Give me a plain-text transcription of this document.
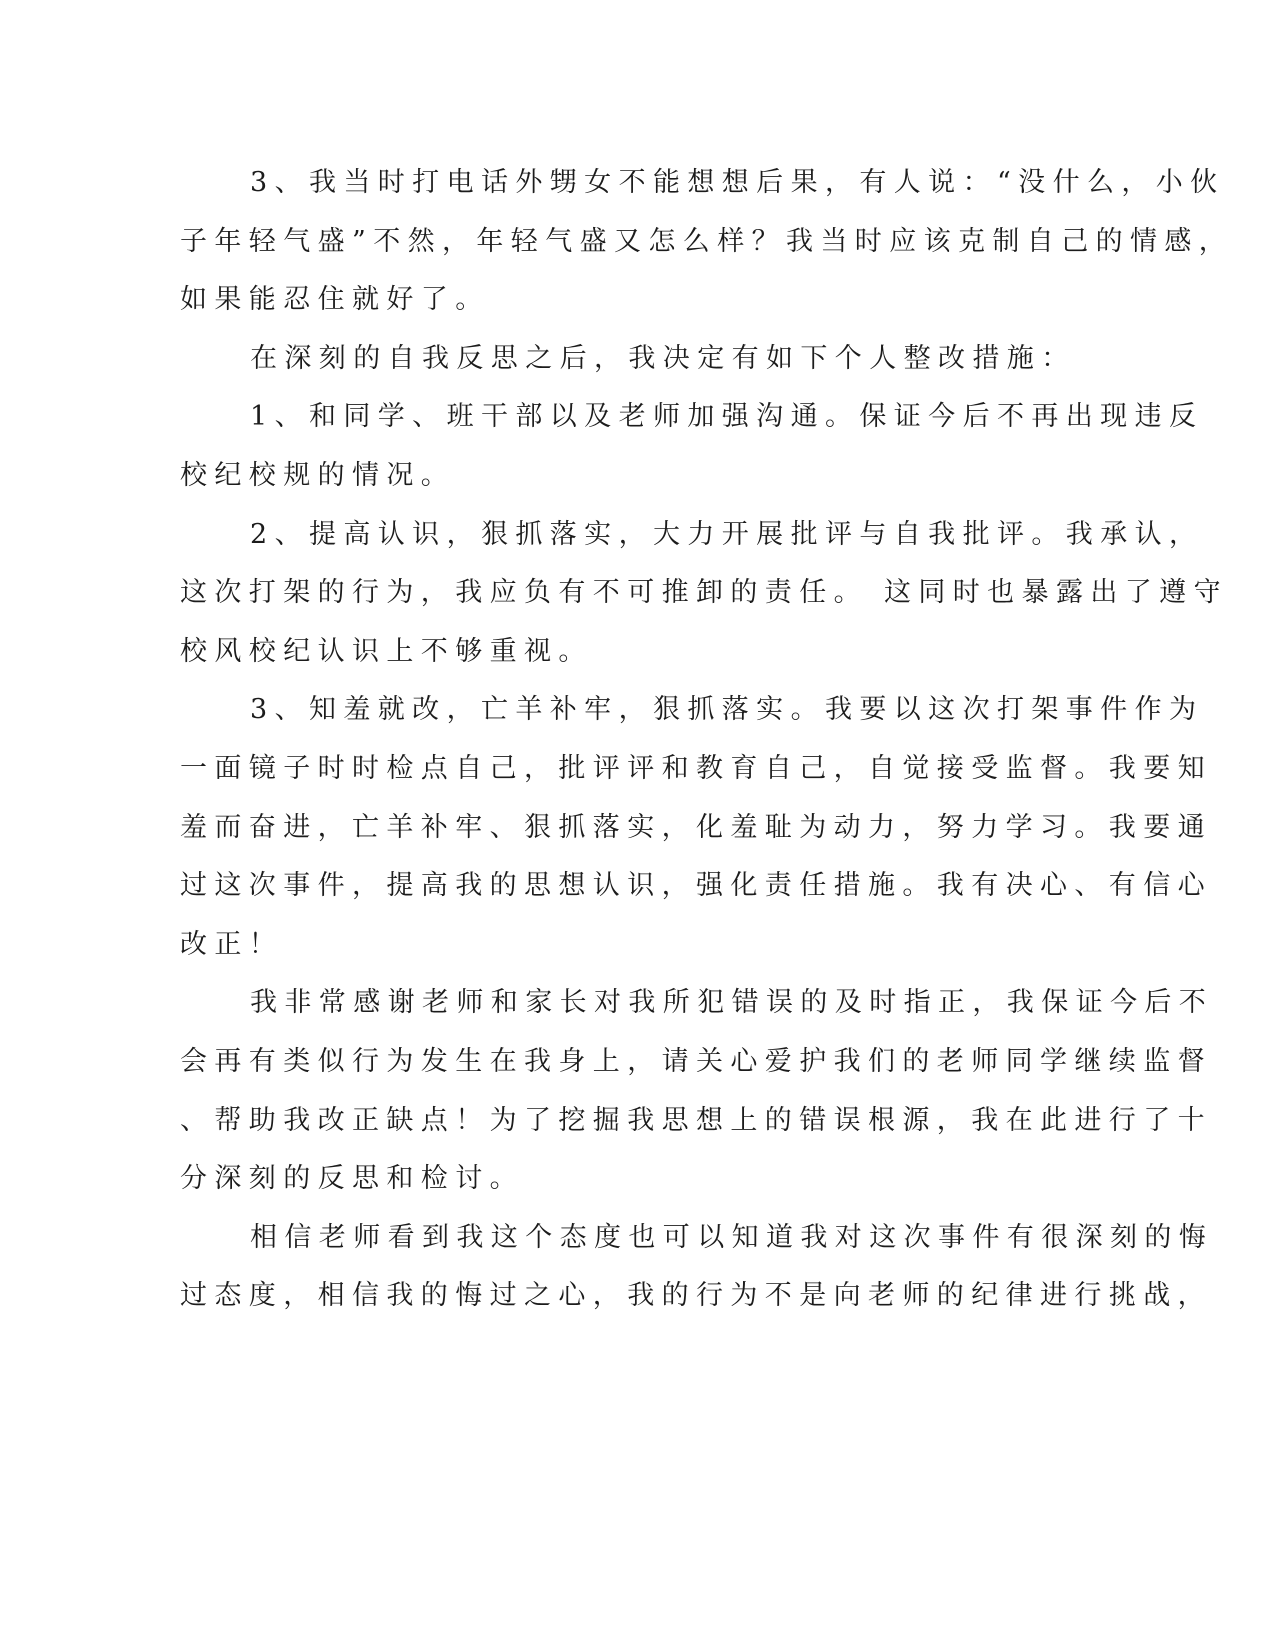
3、我当时打电话外甥女不能想想后果，有人说：“没什么，小伙
子年轻气盛”不然，年轻气盛又怎么样？我当时应该克制自己的情感，
如果能忍住就好了。
在深刻的自我反思之后，我决定有如下个人整改措施：
1、和同学、班干部以及老师加强沟通。保证今后不再出现违反
校纪校规的情况。
2、提高认识，狠抓落实，大力开展批评与自我批评。我承认，
这次打架的行为，我应负有不可推卸的责任。 这同时也暴露出了遵守
校风校纪认识上不够重视。
3、知羞就改，亡羊补牢，狠抓落实。我要以这次打架事件作为
一面镜子时时检点自己，批评评和教育自己，自觉接受监督。我要知
羞而奋进，亡羊补牢、狠抓落实，化羞耻为动力，努力学习。我要通
过这次事件，提高我的思想认识，强化责任措施。我有决心、有信心
改正！
我非常感谢老师和家长对我所犯错误的及时指正，我保证今后不
会再有类似行为发生在我身上，请关心爱护我们的老师同学继续监督
、帮助我改正缺点！为了挖掘我思想上的错误根源，我在此进行了十
分深刻的反思和检讨。
相信老师看到我这个态度也可以知道我对这次事件有很深刻的悔
过态度，相信我的悔过之心，我的行为不是向老师的纪律进行挑战，
